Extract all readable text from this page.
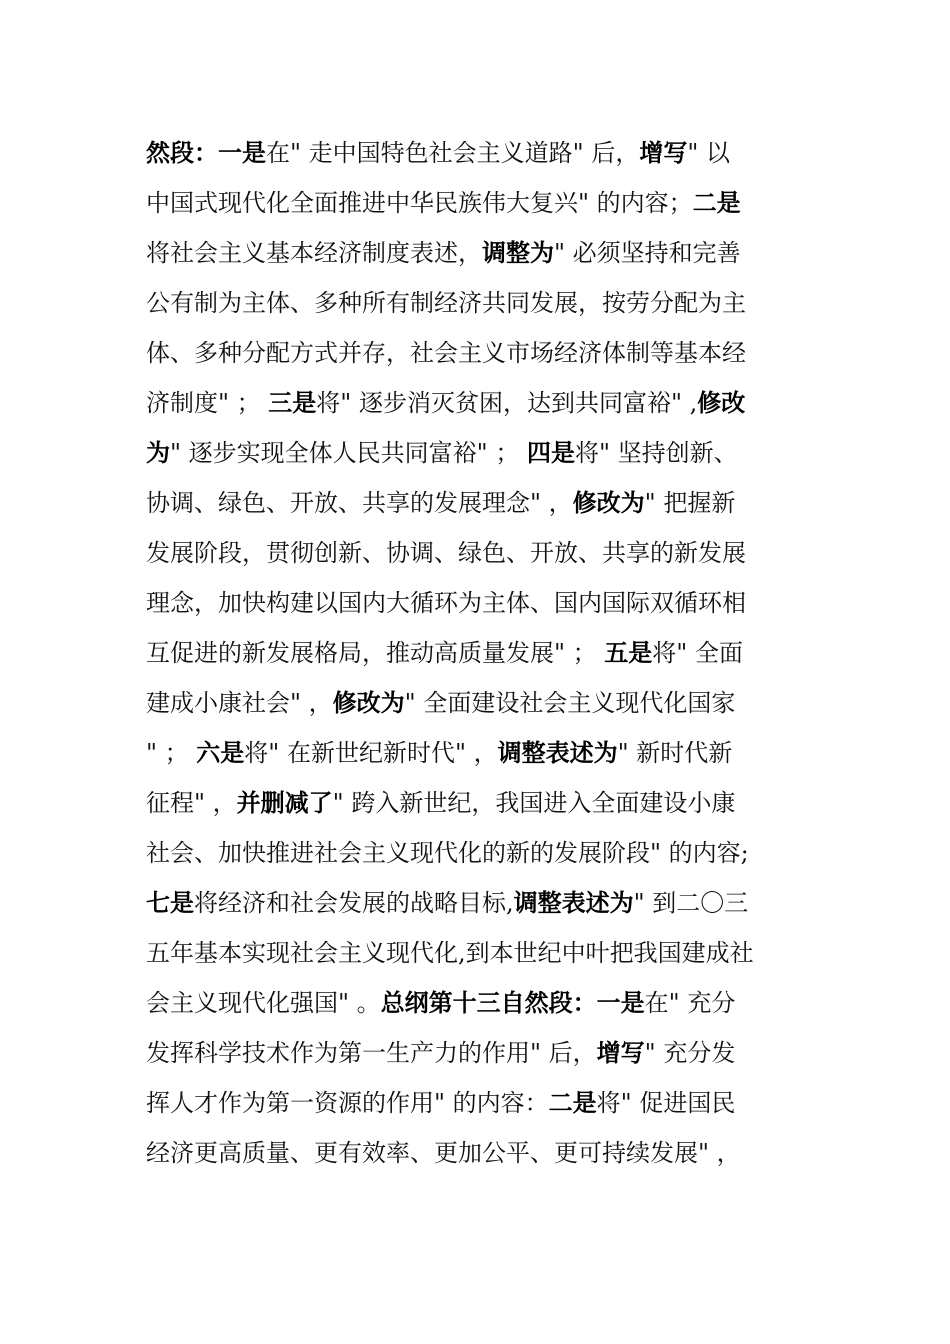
然段：一是在" 走中国特色社会主义道路" 后，增写" 以
中国式现代化全面推进中华民族伟大复兴" 的内容；二是
将社会主义基本经济制度表述，调整为" 必须坚持和完善
公有制为主体、多种所有制经济共同发展，按劳分配为主
体、多种分配方式并存，社会主义市场经济体制等基本经
济制度" ； 三是将" 逐步消灭贫困，达到共同富裕" ,修改
为" 逐步实现全体人民共同富裕" ； 四是将" 坚持创新、
协调、绿色、开放、共享的发展理念" ，修改为" 把握新
发展阶段，贯彻创新、协调、绿色、开放、共享的新发展
理念，加快构建以国内大循环为主体、国内国际双循环相
互促进的新发展格局，推动高质量发展" ； 五是将" 全面
建成小康社会" ，修改为" 全面建设社会主义现代化国家
" ； 六是将" 在新世纪新时代" ，调整表述为" 新时代新
征程" ，并删减了" 跨入新世纪，我国进入全面建设小康
社会、加快推进社会主义现代化的新的发展阶段" 的内容;
七是将经济和社会发展的战略目标,调整表述为" 到二〇三
五年基本实现社会主义现代化,到本世纪中叶把我国建成社
会主义现代化强国" 。总纲第十三自然段：一是在" 充分
发挥科学技术作为第一生产力的作用" 后，增写" 充分发
挥人才作为第一资源的作用" 的内容：二是将" 促进国民
经济更高质量、更有效率、更加公平、更可持续发展" ，
